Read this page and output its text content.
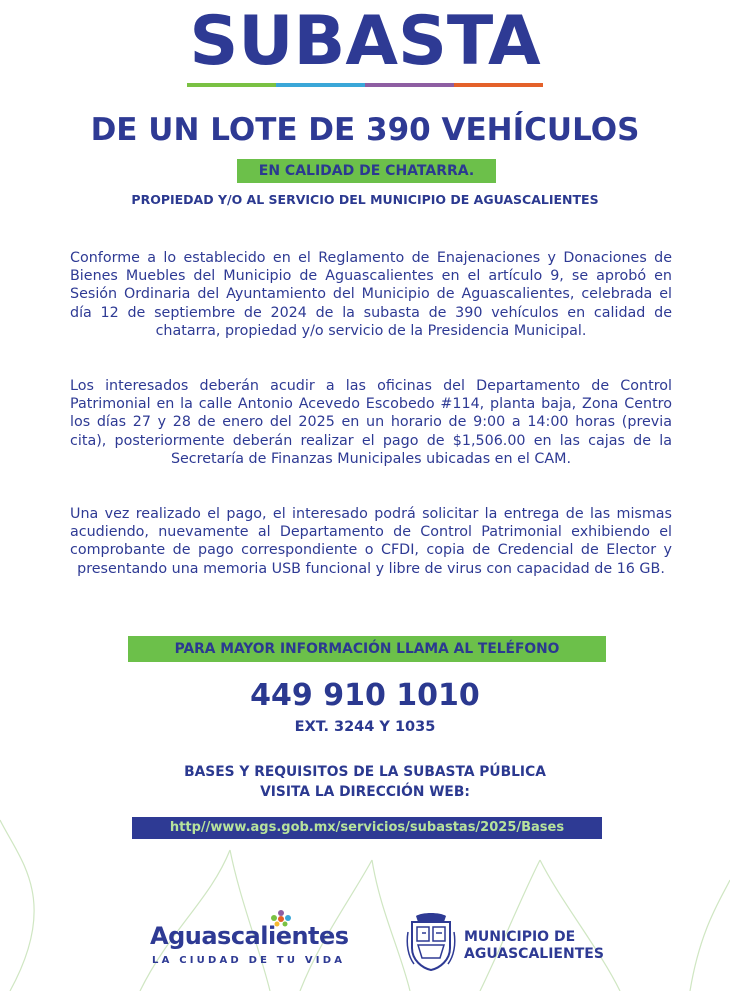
SUBASTA
DE UN LOTE DE 390 VEHÍCULOS
EN CALIDAD DE CHATARRA.
PROPIEDAD Y/O AL SERVICIO DEL MUNICIPIO DE AGUASCALIENTES
Conforme a lo establecido en el Reglamento de Enajenaciones y Donaciones de Bienes Muebles del Municipio de Aguascalientes en el artículo 9, se aprobó en Sesión Ordinaria del Ayuntamiento del Municipio de Aguascalientes, celebrada el día 12 de septiembre de 2024 de la subasta de 390 vehículos en calidad de chatarra, propiedad y/o servicio de la Presidencia Municipal.
Los interesados deberán acudir a las oficinas del Departamento de Control Patrimonial en la calle Antonio Acevedo Escobedo #114, planta baja, Zona Centro los días 27 y 28 de enero del 2025 en un horario de 9:00 a 14:00 horas (previa cita), posteriormente deberán realizar el pago de $1,506.00 en las cajas de la Secretaría de Finanzas Municipales ubicadas en el CAM.
Una vez realizado el pago, el interesado podrá solicitar la entrega de las mismas acudiendo, nuevamente al Departamento de Control Patrimonial exhibiendo el comprobante de pago correspondiente o CFDI, copia de Credencial de Elector y presentando una memoria USB funcional y libre de virus con capacidad de 16 GB.
PARA MAYOR INFORMACIÓN LLAMA AL TELÉFONO
449 910 1010
EXT. 3244 Y 1035
BASES Y REQUISITOS DE LA SUBASTA PÚBLICA
VISITA LA DIRECCIÓN WEB:
http//www.ags.gob.mx/servicios/subastas/2025/Bases
Aguascalientes
LA CIUDAD DE TU VIDA
MUNICIPIO DE
AGUASCALIENTES
